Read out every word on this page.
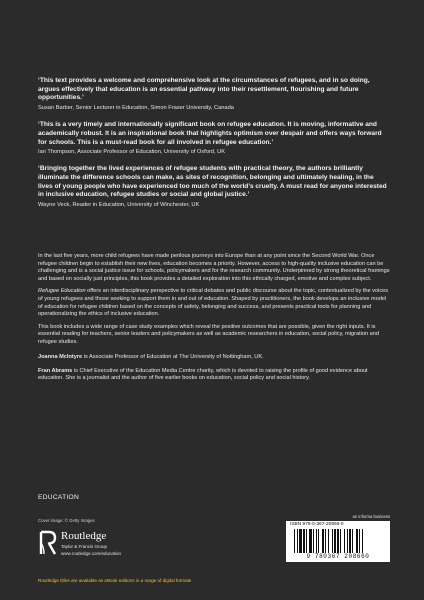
‘This text provides a welcome and comprehensive look at the circumstances of refugees, and in so doing, argues effectively that education is an essential pathway into their resettlement, flourishing and future opportunities.’

Susan Barber, Senior Lecturer in Education, Simon Fraser University, Canada

‘This is a very timely and internationally significant book on refugee education. It is moving, informative and academically robust. It is an inspirational book that highlights optimism over despair and offers ways forward for schools. This is a must-read book for all involved in refugee education.’

Ian Thompson, Associate Professor of Education, University of Oxford, UK

‘Bringing together the lived experiences of refugee students with practical theory, the authors brilliantly illuminate the difference schools can make, as sites of recognition, belonging and ultimately healing, in the lives of young people who have experienced too much of the world’s cruelty. A must read for anyone interested in inclusive education, refugee studies or social and global justice.’

Wayne Veck, Reader in Education, University of Winchester, UK

In the last five years, more child refugees have made perilous journeys into Europe than at any point since the Second World War. Once refugee children begin to establish their new lives, education becomes a priority. However, access to high-quality inclusive education can be challenging and is a social justice issue for schools, policymakers and for the research community. Underpinned by strong theoretical framings and based on socially just principles, this book provides a detailed exploration into this ethically charged, emotive and complex subject.

Refugee Education offers an interdisciplinary perspective to critical debates and public discourse about the topic, contextualized by the voices of young refugees and those seeking to support them in and out of education. Shaped by practitioners, the book develops an inclusive model of education for refugee children based on the concepts of safety, belonging and success, and presents practical tools for planning and operationalizing the ethics of inclusive education.

This book includes a wide range of case study examples which reveal the positive outcomes that are possible, given the right inputs. It is essential reading for teachers, senior leaders and policymakers as well as academic researchers in education, social policy, migration and refugee studies.

Joanna McIntyre is Associate Professor of Education at The University of Nottingham, UK.

Fran Abrams is Chief Executive of the Education Media Centre charity, which is devoted to raising the profile of good evidence about education. She is a journalist and the author of five earlier books on education, social policy and social history.

EDUCATION
Cover image: © Getty Images
Routledge
Taylor & Francis Group
www.routledge.com/education
an informa business
ISBN 978-0-367-20866-0
9 780367 208660
Routledge titles are available as eBook editions in a range of digital formats
